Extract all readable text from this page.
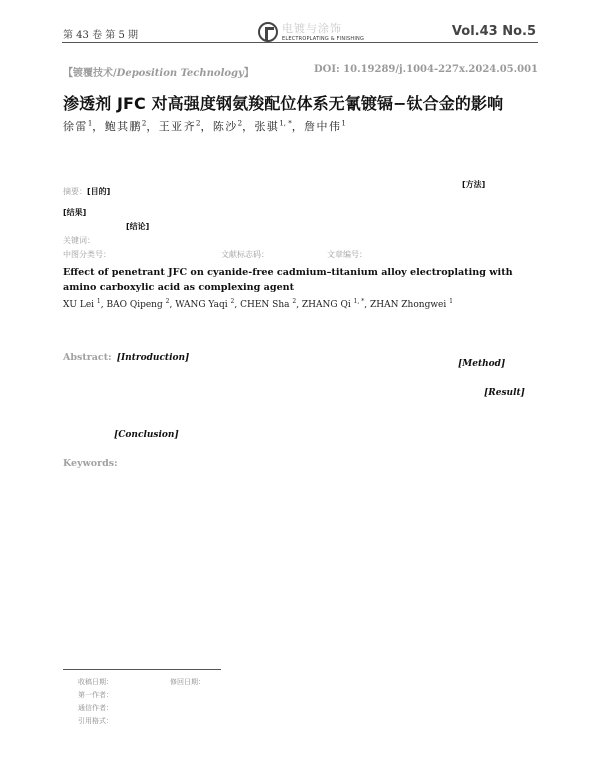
第 43 卷 第 5 期
电镀与涂饰
ELECTROPLATING & FINISHING	Vol.43 No.5
【镀覆技术/Deposition Technology】	DOI: 10.19289/j.1004-227x.2024.05.001
渗透剂 JFC 对高强度钢氨羧配位体系无氰镀镉−钛合金的影响
徐雷$^1$，鲍其鹏$^2$，王亚齐$^2$，陈沙$^2$，张骐$^{1, *}$，詹中伟$^1$
摘要：[目的]
[方法]
[结果]
[结论]
关键词：
中图分类号：	文献标志码：	文章编号：
Effect of penetrant JFC on cyanide-free cadmium–titanium alloy electroplating with amino carboxylic acid as complexing agent
XU Lei $^1$, BAO Qipeng $^2$, WANG Yaqi $^2$, CHEN Sha $^2$, ZHANG Qi $^{1, *}$, ZHAN Zhongwei $^1$
Abstract: [Introduction]
[Method]
[Result]
[Conclusion]
Keywords:
收稿日期：	修回日期：
第一作者：
通信作者：
引用格式：
